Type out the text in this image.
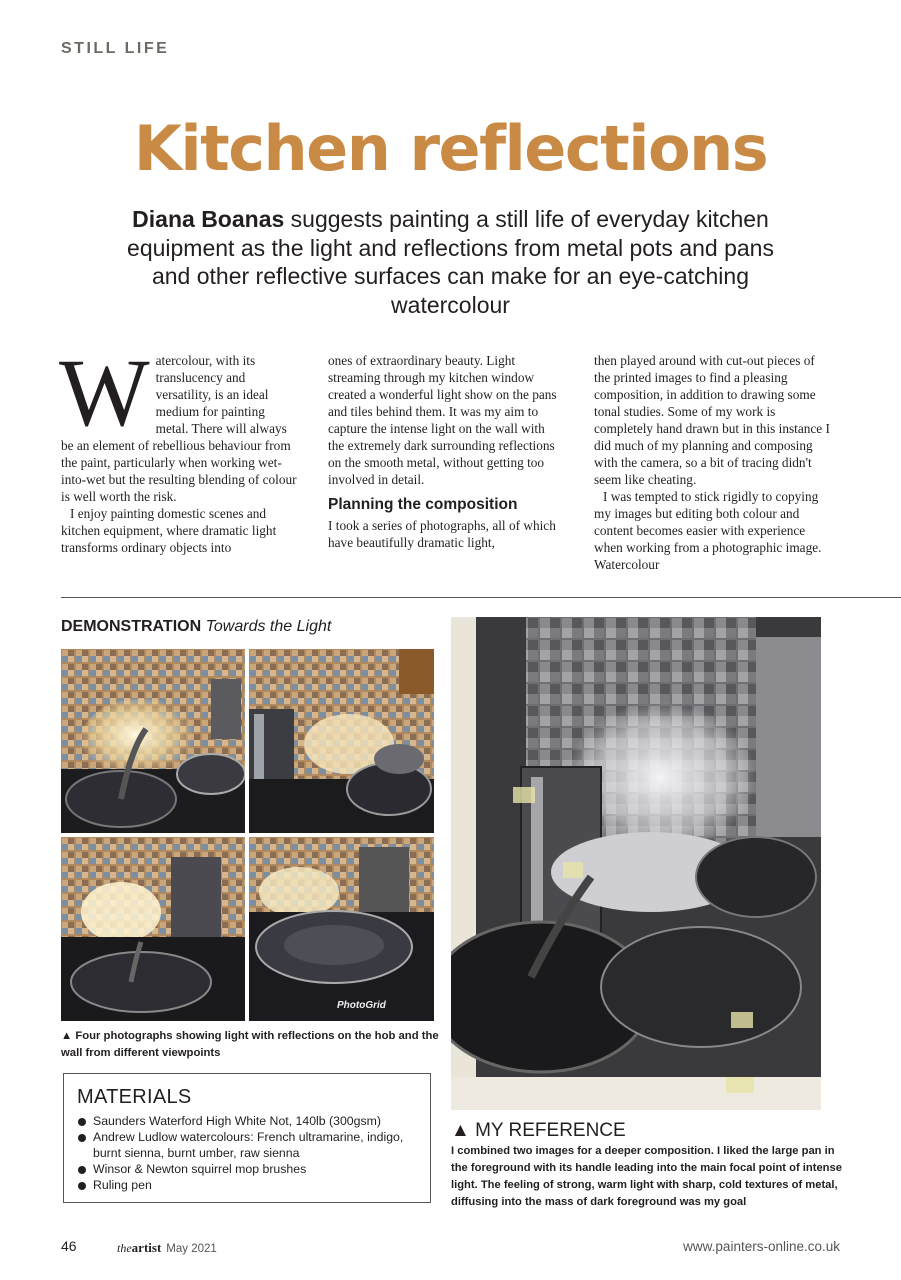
STILL LIFE
Kitchen reflections
Diana Boanas suggests painting a still life of everyday kitchen equipment as the light and reflections from metal pots and pans and other reflective surfaces can make for an eye-catching watercolour

Watercolour, with its translucency and versatility, is an ideal medium for painting metal. There will always be an element of rebellious behaviour from the paint, particularly when working wet-into-wet but the resulting blending of colour is well worth the risk.

I enjoy painting domestic scenes and kitchen equipment, where dramatic light transforms ordinary objects into

ones of extraordinary beauty. Light streaming through my kitchen window created a wonderful light show on the pans and tiles behind them. It was my aim to capture the intense light on the wall with the extremely dark surrounding reflections on the smooth metal, without getting too involved in detail.

Planning the composition

I took a series of photographs, all of which have beautifully dramatic light,

then played around with cut-out pieces of the printed images to find a pleasing composition, in addition to drawing some tonal studies. Some of my work is completely hand drawn but in this instance I did much of my planning and composing with the camera, so a bit of tracing didn't seem like cheating.

I was tempted to stick rigidly to copying my images but editing both colour and content becomes easier with experience when working from a photographic image. Watercolour

DEMONSTRATION Towards the Light
PhotoGrid
▲ Four photographs showing light with reflections on the hob and the wall from different viewpoints
MATERIALS
Saunders Waterford High White Not, 140lb (300gsm)
Andrew Ludlow watercolours: French ultramarine, indigo, burnt sienna, burnt umber, raw sienna
Winsor & Newton squirrel mop brushes
Ruling pen
▲ MY REFERENCE
I combined two images for a deeper composition. I liked the large pan in the foreground with its handle leading into the main focal point of intense light. The feeling of strong, warm light with sharp, cold textures of metal, diffusing into the mass of dark foreground was my goal
46	theartist May 2021	www.painters-online.co.uk
